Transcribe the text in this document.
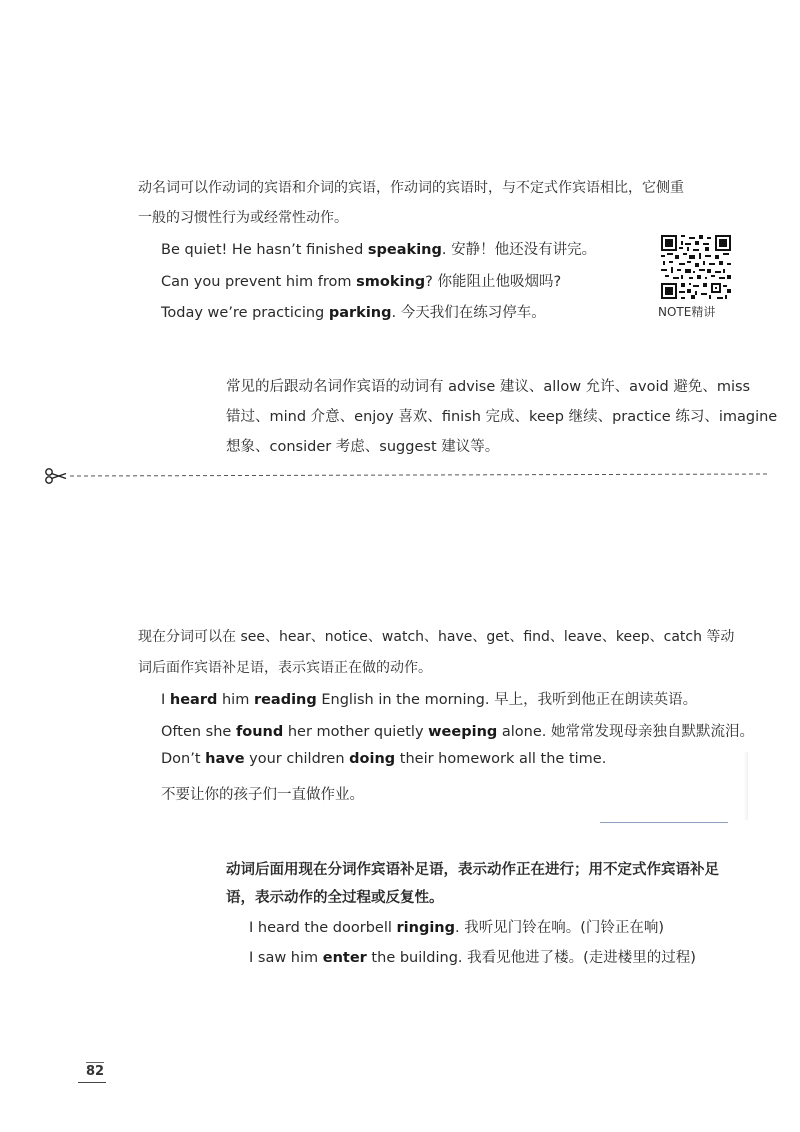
动名词可以作动词的宾语和介词的宾语，作动词的宾语时，与不定式作宾语相比，它侧重
一般的习惯性行为或经常性动作。
Be quiet! He hasn’t finished speaking. 安静！他还没有讲完。
Can you prevent him from smoking? 你能阻止他吸烟吗?
Today we’re practicing parking. 今天我们在练习停车。	NOTE精讲
常见的后跟动名词作宾语的动词有 advise 建议、allow 允许、avoid 避免、miss
错过、mind 介意、enjoy 喜欢、finish 完成、keep 继续、practice 练习、imagine
想象、consider 考虑、suggest 建议等。
现在分词可以在 see、hear、notice、watch、have、get、find、leave、keep、catch 等动
词后面作宾语补足语，表示宾语正在做的动作。
I heard him reading English in the morning. 早上，我听到他正在朗读英语。
Often she found her mother quietly weeping alone. 她常常发现母亲独自默默流泪。
Don’t have your children doing their homework all the time.
不要让你的孩子们一直做作业。
动词后面用现在分词作宾语补足语，表示动作正在进行；用不定式作宾语补足
语，表示动作的全过程或反复性。
I heard the doorbell ringing. 我听见门铃在响。(门铃正在响)
I saw him enter the building. 我看见他进了楼。(走进楼里的过程)
82
